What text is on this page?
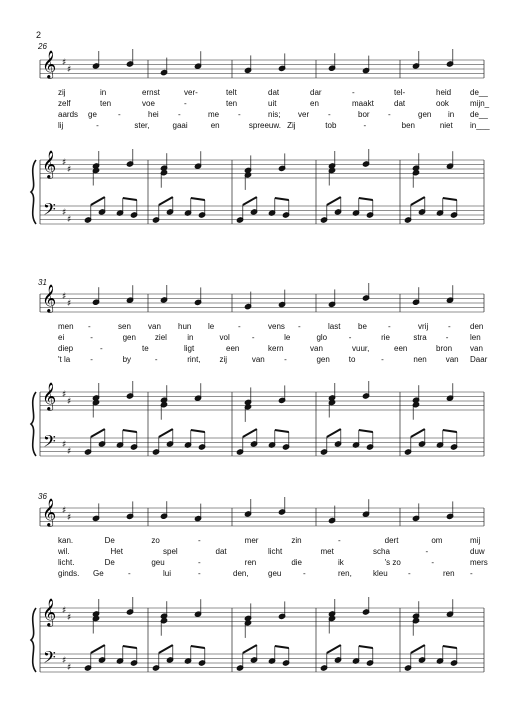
2
26
31
36
𝄞
𝄞
𝄢
♯
♯
♯
♯
♯
♯
𝄞
𝄞
𝄢
♯
♯
♯
♯
♯
♯
𝄞
𝄞
𝄢
♯
♯
♯
♯
♯
♯
zij	in	ernst	ver-	telt	dat	dar	-	tel-	heid de__
zelf	ten	voe	-	ten	uit	en	maakt	dat	ook	mijn_
aards ge	-	hei -	me -	nis; ver -	bor -	gen in de__
lij	-	ster,	gaai	en	spreeuw. Zij	tob	-	ben	niet in___
men -	sen van hun le	-	vens -	last be	-	vrij - den
ei	-	gen ziel	in	vol	-	le	glo	-	rie	stra -	len
diep	-	te	ligt	een	kern	van	vuur,	een	bron van
't la	-	by	-	rint, zij	van -	gen to	-	nen van Daar
kan.	De	zo	-	mer	zin	-	dert	om	mij
wil.	Het	spel	dat	licht	met	scha	-	duw
licht.	De	geu	-	ren	die	ik	's zo	-	mers
ginds. Ge	-	lui	-	den, geu	-	ren,	kleu	-	ren -
